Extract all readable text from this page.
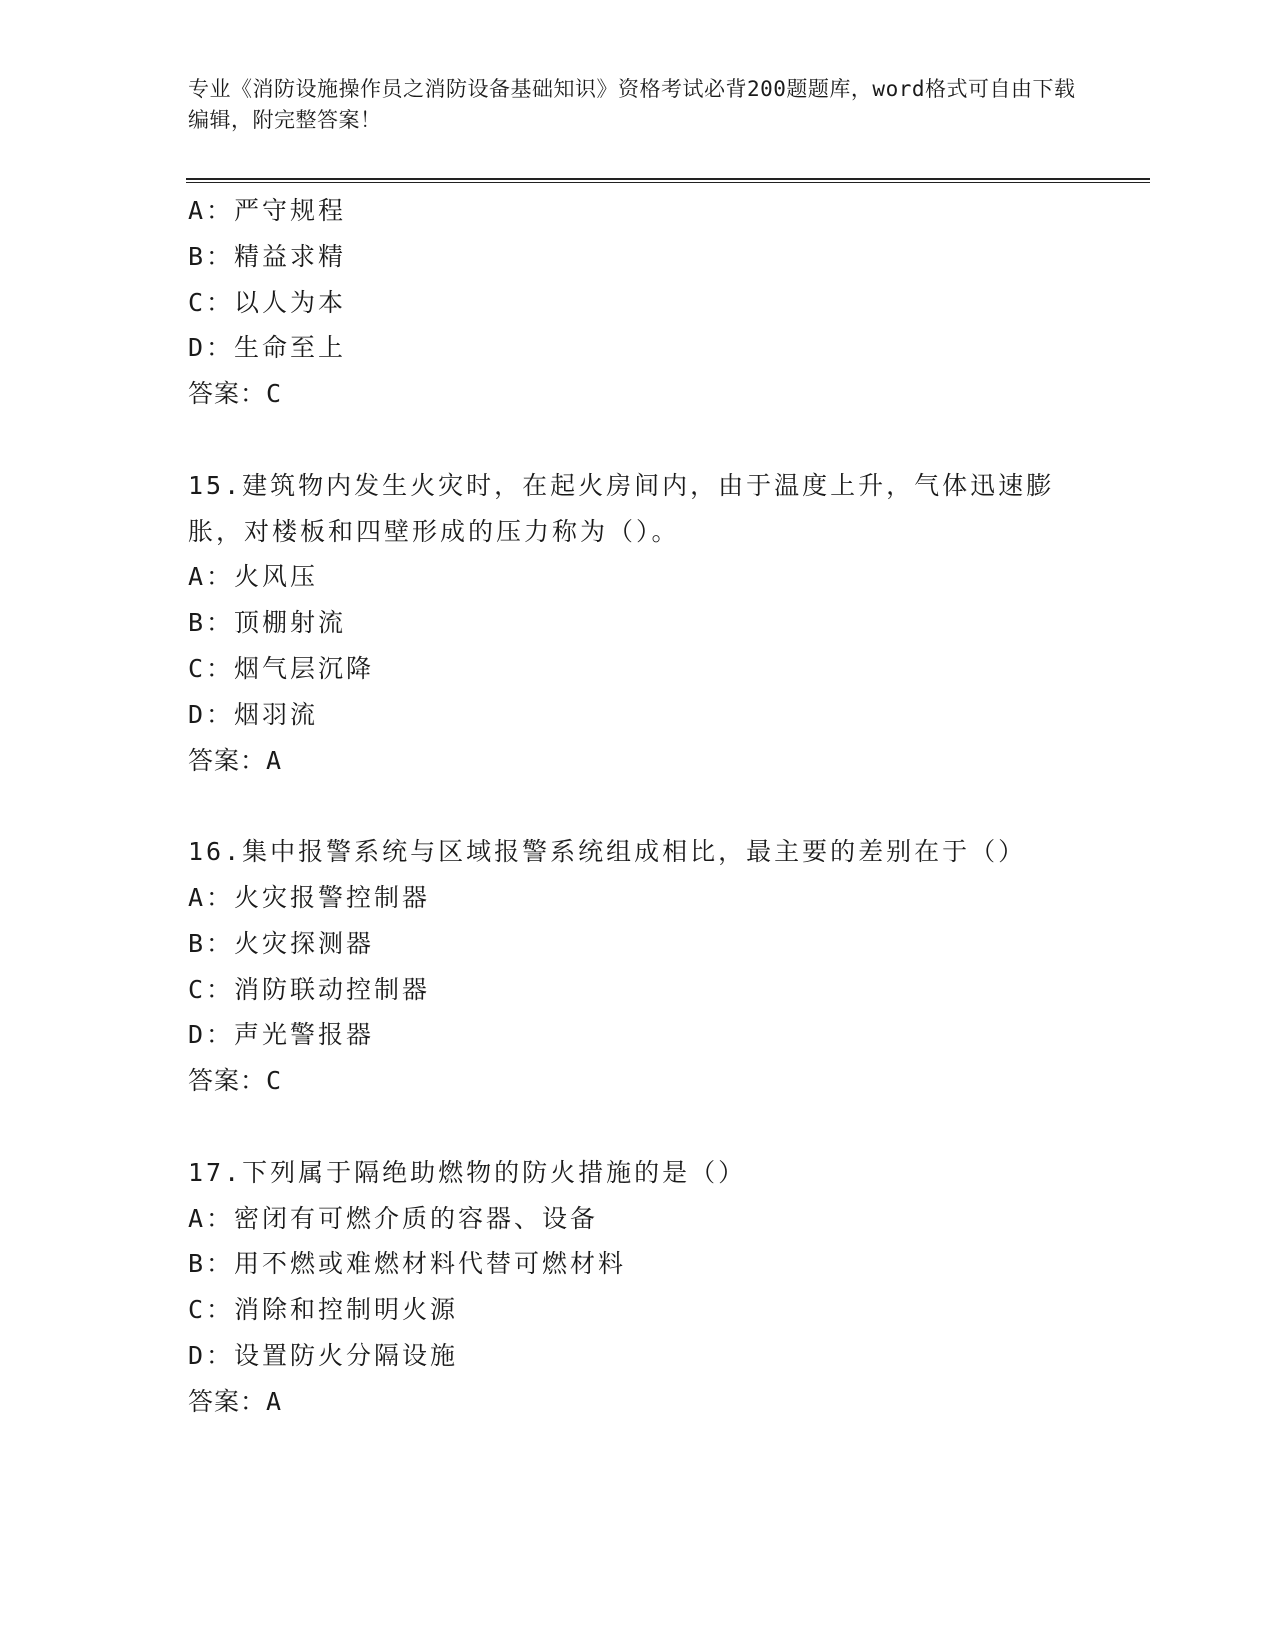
专业《消防设施操作员之消防设备基础知识》资格考试必背200题题库，word格式可自由下载编辑，附完整答案！
A：严守规程
B：精益求精
C：以人为本
D：生命至上
答案：C
15.建筑物内发生火灾时，在起火房间内，由于温度上升，气体迅速膨胀，对楼板和四壁形成的压力称为（）。
A：火风压
B：顶棚射流
C：烟气层沉降
D：烟羽流
答案：A
16.集中报警系统与区域报警系统组成相比，最主要的差别在于（）
A：火灾报警控制器
B：火灾探测器
C：消防联动控制器
D：声光警报器
答案：C
17.下列属于隔绝助燃物的防火措施的是（）
A：密闭有可燃介质的容器、设备
B：用不燃或难燃材料代替可燃材料
C：消除和控制明火源
D：设置防火分隔设施
答案：A
